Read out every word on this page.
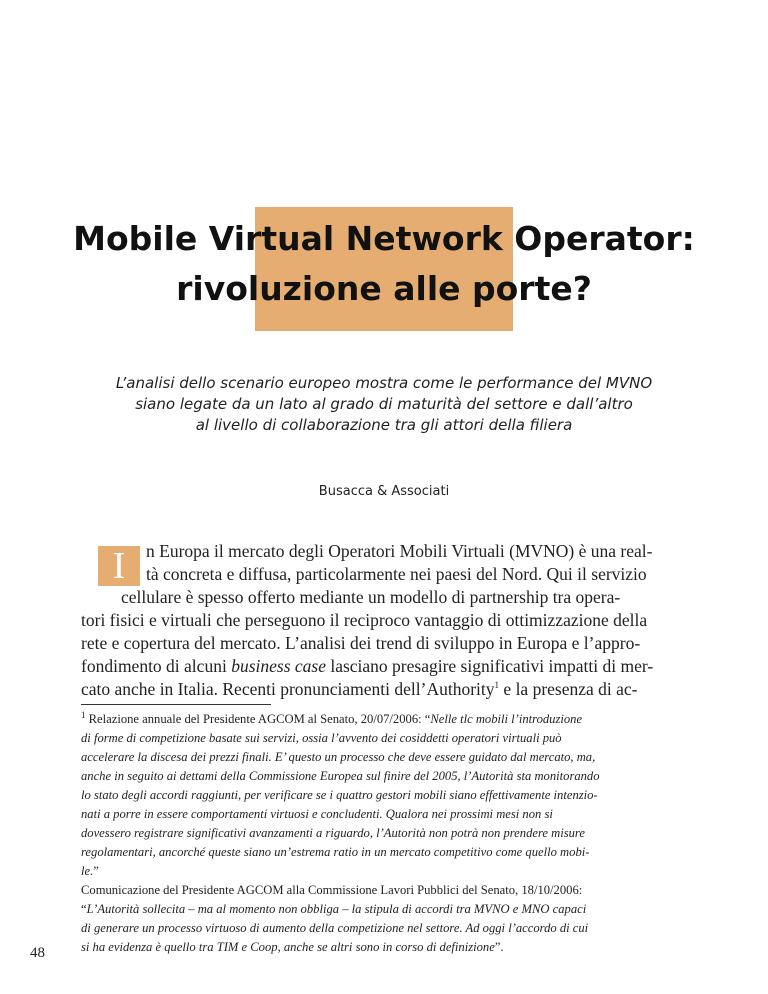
Mobile Virtual Network Operator:
rivoluzione alle porte?
L’analisi dello scenario europeo mostra come le performance del MVNO
siano legate da un lato al grado di maturità del settore e dall’altro
al livello di collaborazione tra gli attori della filiera
Busacca & Associati
I	n Europa il mercato degli Operatori Mobili Virtuali (MVNO) è una real-
tà concreta e diffusa, particolarmente nei paesi del Nord. Qui il servizio
cellulare è spesso offerto mediante un modello di partnership tra opera-
tori fisici e virtuali che perseguono il reciproco vantaggio di ottimizzazione della
rete e copertura del mercato. L’analisi dei trend di sviluppo in Europa e l’appro-
fondimento di alcuni business case lasciano presagire significativi impatti di mer-
cato anche in Italia. Recenti pronunciamenti dell’Authority$^1$ e la presenza di ac-
$^1$ Relazione annuale del Presidente AGCOM al Senato, 20/07/2006: “Nelle tlc mobili l’introduzione
di forme di competizione basate sui servizi, ossia l’avvento dei cosiddetti operatori virtuali può
accelerare la discesa dei prezzi finali. E’ questo un processo che deve essere guidato dal mercato, ma,
anche in seguito ai dettami della Commissione Europea sul finire del 2005, l’Autorità sta monitorando
lo stato degli accordi raggiunti, per verificare se i quattro gestori mobili siano effettivamente intenzio-
nati a porre in essere comportamenti virtuosi e concludenti. Qualora nei prossimi mesi non si
dovessero registrare significativi avanzamenti a riguardo, l’Autorità non potrà non prendere misure
regolamentari, ancorché queste siano un’estrema ratio in un mercato competitivo come quello mobi-
le.”
Comunicazione del Presidente AGCOM alla Commissione Lavori Pubblici del Senato, 18/10/2006:
“L’Autorità sollecita – ma al momento non obbliga – la stipula di accordi tra MVNO e MNO capaci
di generare un processo virtuoso di aumento della competizione nel settore. Ad oggi l’accordo di cui
si ha evidenza è quello tra TIM e Coop, anche se altri sono in corso di definizione”.
48
